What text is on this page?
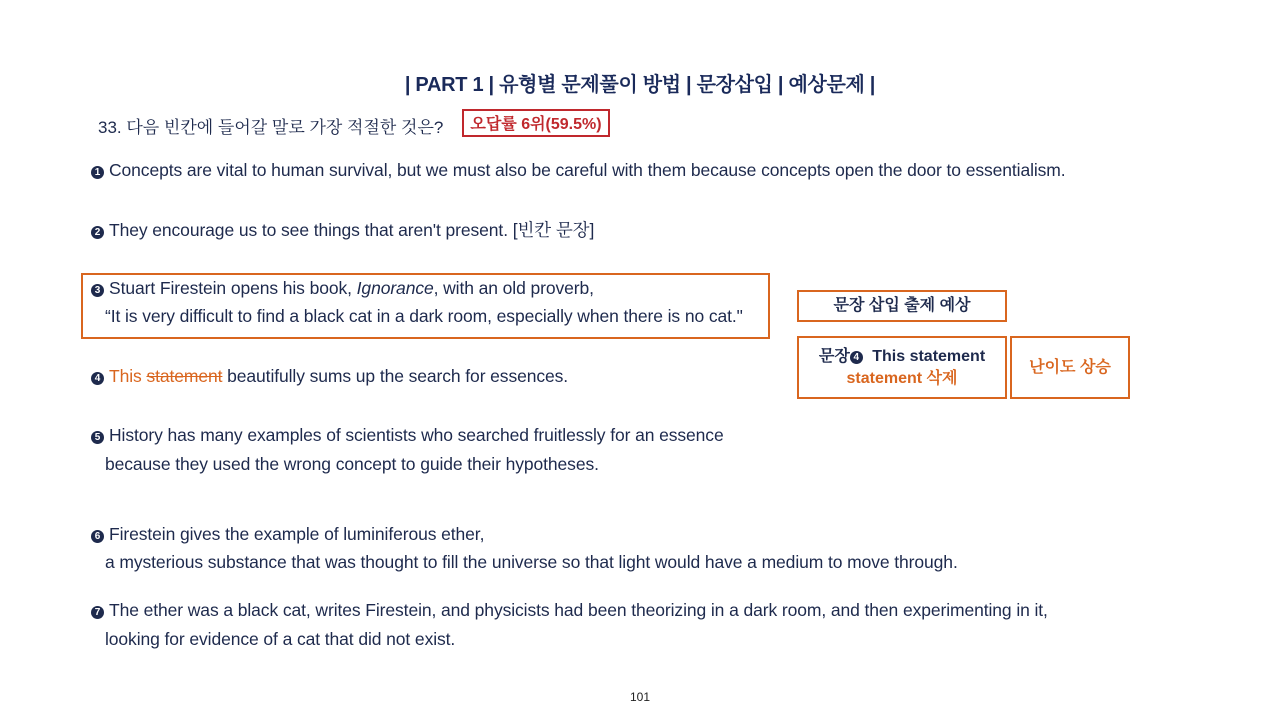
| PART 1 | 유형별 문제풀이 방법 | 문장삽입 | 예상문제 |
33. 다음 빈칸에 들어갈 말로 가장 적절한 것은?	오답률 6위(59.5%)
1 Concepts are vital to human survival, but we must also be careful with them because concepts open the door to essentialism.
2 They encourage us to see things that aren't present. [빈칸 문장]
3 Stuart Firestein opens his book, Ignorance, with an old proverb,
“It is very difficult to find a black cat in a dark room, especially when there is no cat."
4 This statement beautifully sums up the search for essences.
5 History has many examples of scientists who searched fruitlessly for an essence
because they used the wrong concept to guide their hypotheses.
6 Firestein gives the example of luminiferous ether,
a mysterious substance that was thought to fill the universe so that light would have a medium to move through.
7 The ether was a black cat, writes Firestein, and physicists had been theorizing in a dark room, and then experimenting in it,
looking for evidence of a cat that did not exist.
문장 삽입 출제 예상
문장 4 This statement
statement 삭제
난이도 상승
101
